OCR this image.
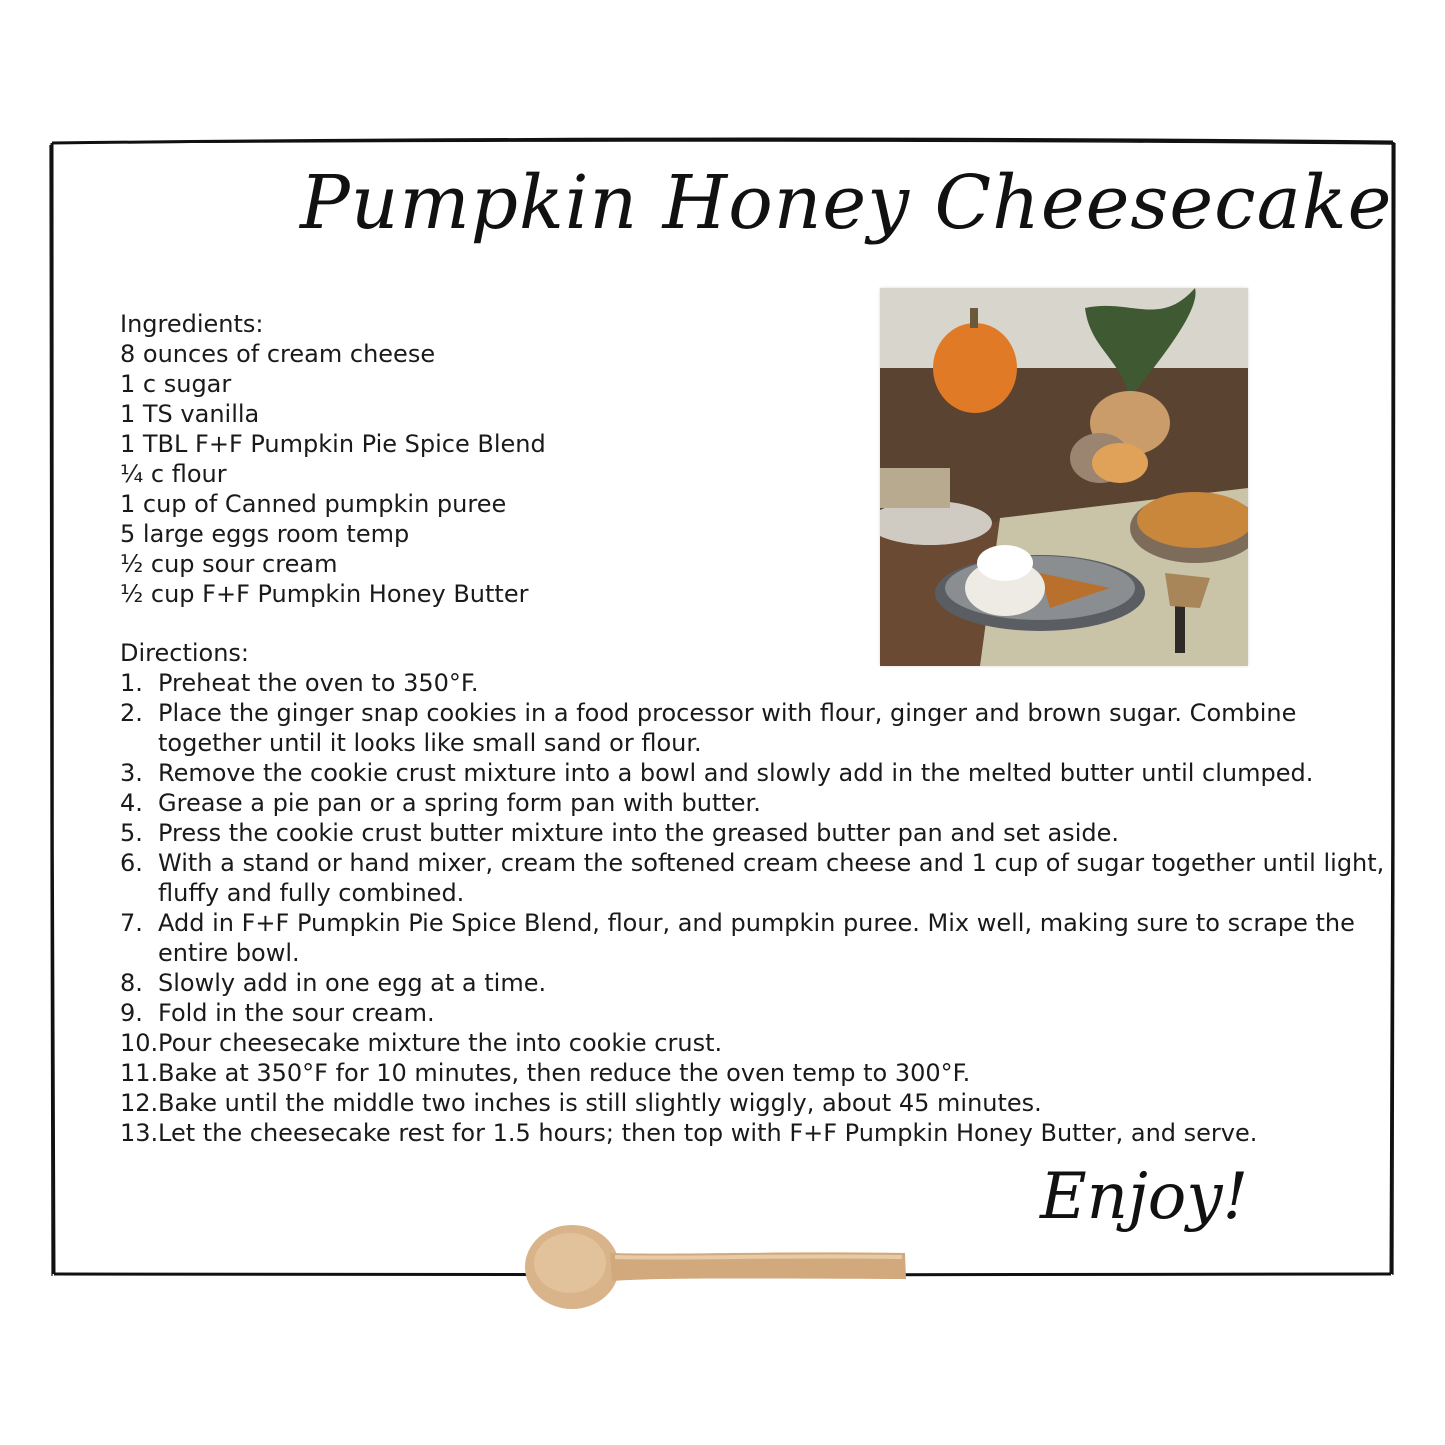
Pumpkin Honey Cheesecake
Ingredients:
8 ounces of cream cheese
1 c sugar
1 TS vanilla
1 TBL F+F Pumpkin Pie Spice Blend
¼ c flour
1 cup of Canned pumpkin puree
5 large eggs room temp
½ cup sour cream
½ cup F+F Pumpkin Honey Butter
Directions:
1. Preheat the oven to 350°F.
2. Place the ginger snap cookies in a food processor with flour, ginger and brown sugar. Combine together until it looks like small sand or flour.
3. Remove the cookie crust mixture into a bowl and slowly add in the melted butter until clumped.
4. Grease a pie pan or a spring form pan with butter.
5. Press the cookie crust butter mixture into the greased butter pan and set aside.
6. With a stand or hand mixer, cream the softened cream cheese and 1 cup of sugar together until light, fluffy and fully combined.
7. Add in F+F Pumpkin Pie Spice Blend, flour, and pumpkin puree. Mix well, making sure to scrape the entire bowl.
8. Slowly add in one egg at a time.
9. Fold in the sour cream.
10. Pour cheesecake mixture the into cookie crust.
11. Bake at 350°F for 10 minutes, then reduce the oven temp to 300°F.
12. Bake until the middle two inches is still slightly wiggly, about 45 minutes.
13. Let the cheesecake rest for 1.5 hours; then top with F+F Pumpkin Honey Butter, and serve.
Enjoy!
